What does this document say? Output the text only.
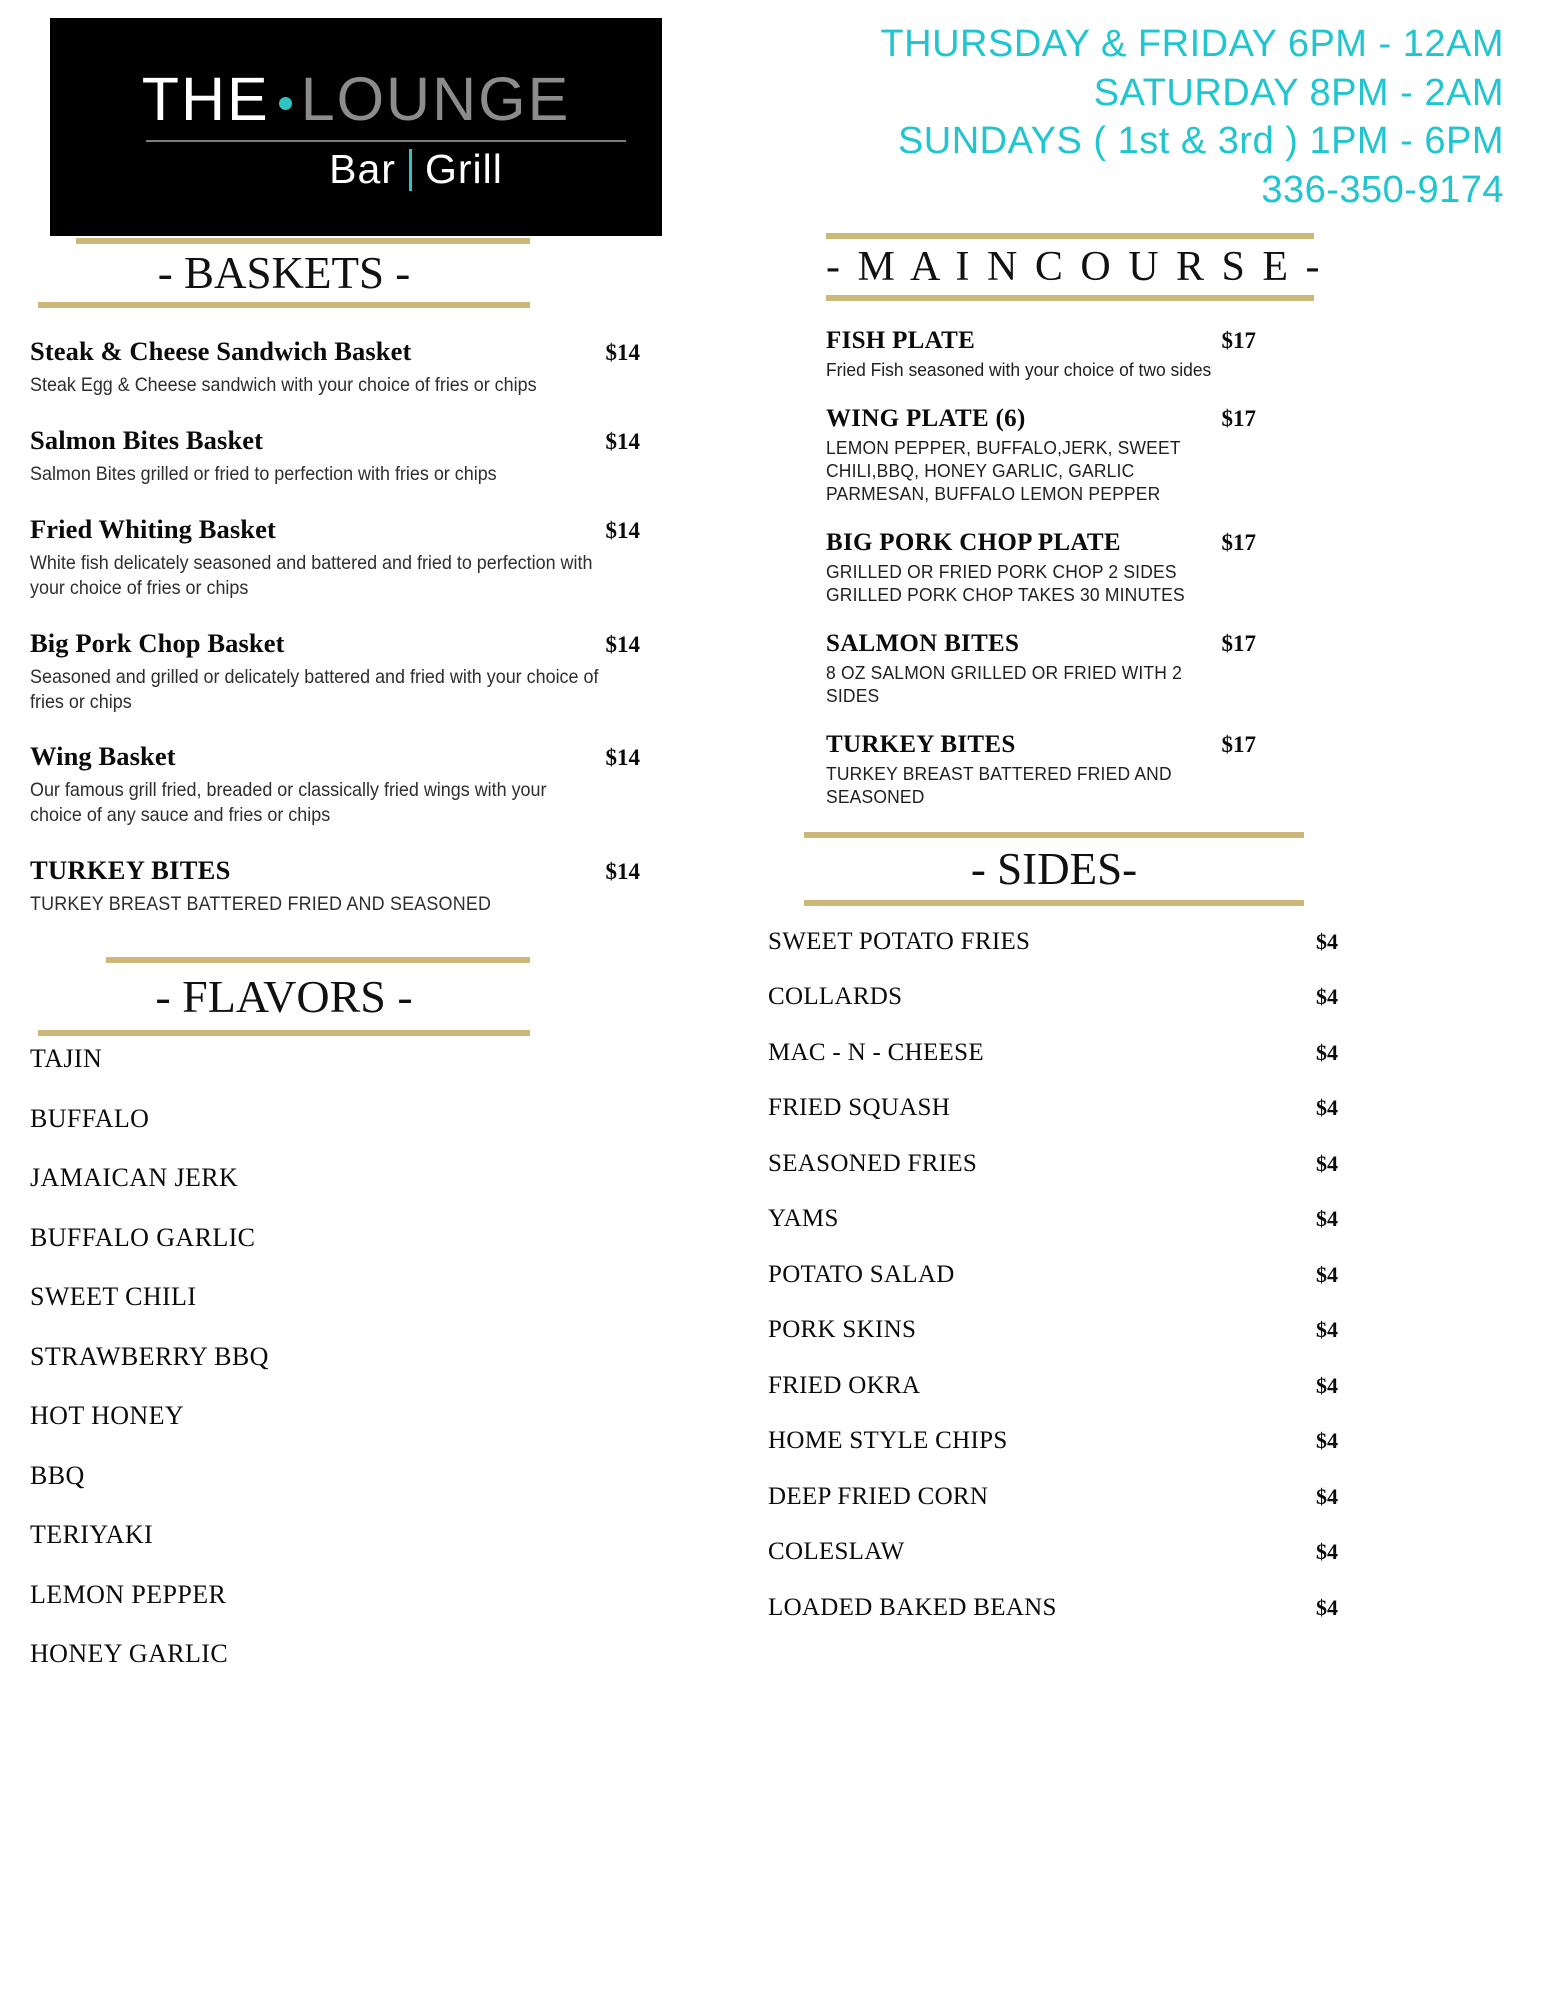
THE LOUNGE
Bar Grill
- BASKETS -
Steak & Cheese Sandwich Basket	$14
Steak Egg & Cheese sandwich with your choice of fries or chips
Salmon Bites Basket	$14
Salmon Bites grilled or fried to perfection with fries or chips
Fried Whiting Basket	$14
White fish delicately seasoned and battered and fried to perfection with your choice of fries or chips
Big Pork Chop Basket	$14
Seasoned and grilled or delicately battered and fried with your choice of fries or chips
Wing Basket	$14
Our famous grill fried, breaded or classically fried wings with your choice of any sauce and fries or chips
TURKEY BITES	$14
TURKEY BREAST BATTERED FRIED AND SEASONED
- FLAVORS -
TAJIN
BUFFALO
JAMAICAN JERK
BUFFALO GARLIC
SWEET CHILI
STRAWBERRY BBQ
HOT HONEY
BBQ
TERIYAKI
LEMON PEPPER
HONEY GARLIC
THURSDAY & FRIDAY 6PM - 12AM
SATURDAY 8PM - 2AM
SUNDAYS ( 1st & 3rd ) 1PM - 6PM
336-350-9174
- M A I N C O U R S E -
FISH PLATE	$17
Fried Fish seasoned with your choice of two sides
WING PLATE (6)	$17
LEMON PEPPER, BUFFALO,JERK, SWEET CHILI,BBQ, HONEY GARLIC, GARLIC PARMESAN, BUFFALO LEMON PEPPER
BIG PORK CHOP PLATE	$17
GRILLED OR FRIED PORK CHOP 2 SIDES GRILLED PORK CHOP TAKES 30 MINUTES
SALMON BITES	$17
8 OZ SALMON GRILLED OR FRIED WITH 2 SIDES
TURKEY BITES	$17
TURKEY BREAST BATTERED FRIED AND SEASONED
- SIDES-
SWEET POTATO FRIES	$4
COLLARDS	$4
MAC - N - CHEESE	$4
FRIED SQUASH	$4
SEASONED FRIES	$4
YAMS	$4
POTATO SALAD	$4
PORK SKINS	$4
FRIED OKRA	$4
HOME STYLE CHIPS	$4
DEEP FRIED CORN	$4
COLESLAW	$4
LOADED BAKED BEANS	$4
